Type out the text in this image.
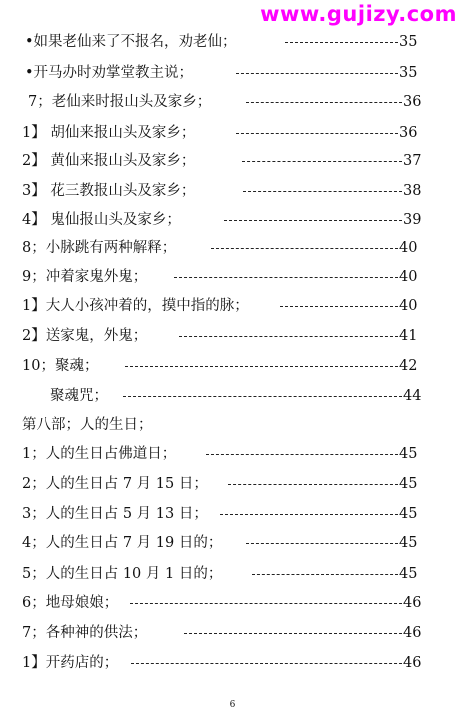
www.gujizy.com
•如果老仙来了不报名，劝老仙；	35
•开马办时劝掌堂教主说；	35
7；老仙来时报山头及家乡；	36
1】 胡仙来报山头及家乡；	36
2】 黄仙来报山头及家乡；	37
3】 花三教报山头及家乡；	38
4】 鬼仙报山头及家乡；	39
8；小脉跳有两种解释；	40
9；冲着家鬼外鬼；	40
1】大人小孩冲着的，摸中指的脉；	40
2】送家鬼，外鬼；	41
10；聚魂；	42
聚魂咒；	44
第八部；人的生日；
1；人的生日占佛道日；	45
2；人的生日占 7 月 15 日；	45
3；人的生日占 5 月 13 日；	45
4；人的生日占 7 月 19 日的；	45
5；人的生日占 10 月 1 日的；	45
6；地母娘娘；	46
7；各种神的供法；	46
1】开药店的；	46
6
